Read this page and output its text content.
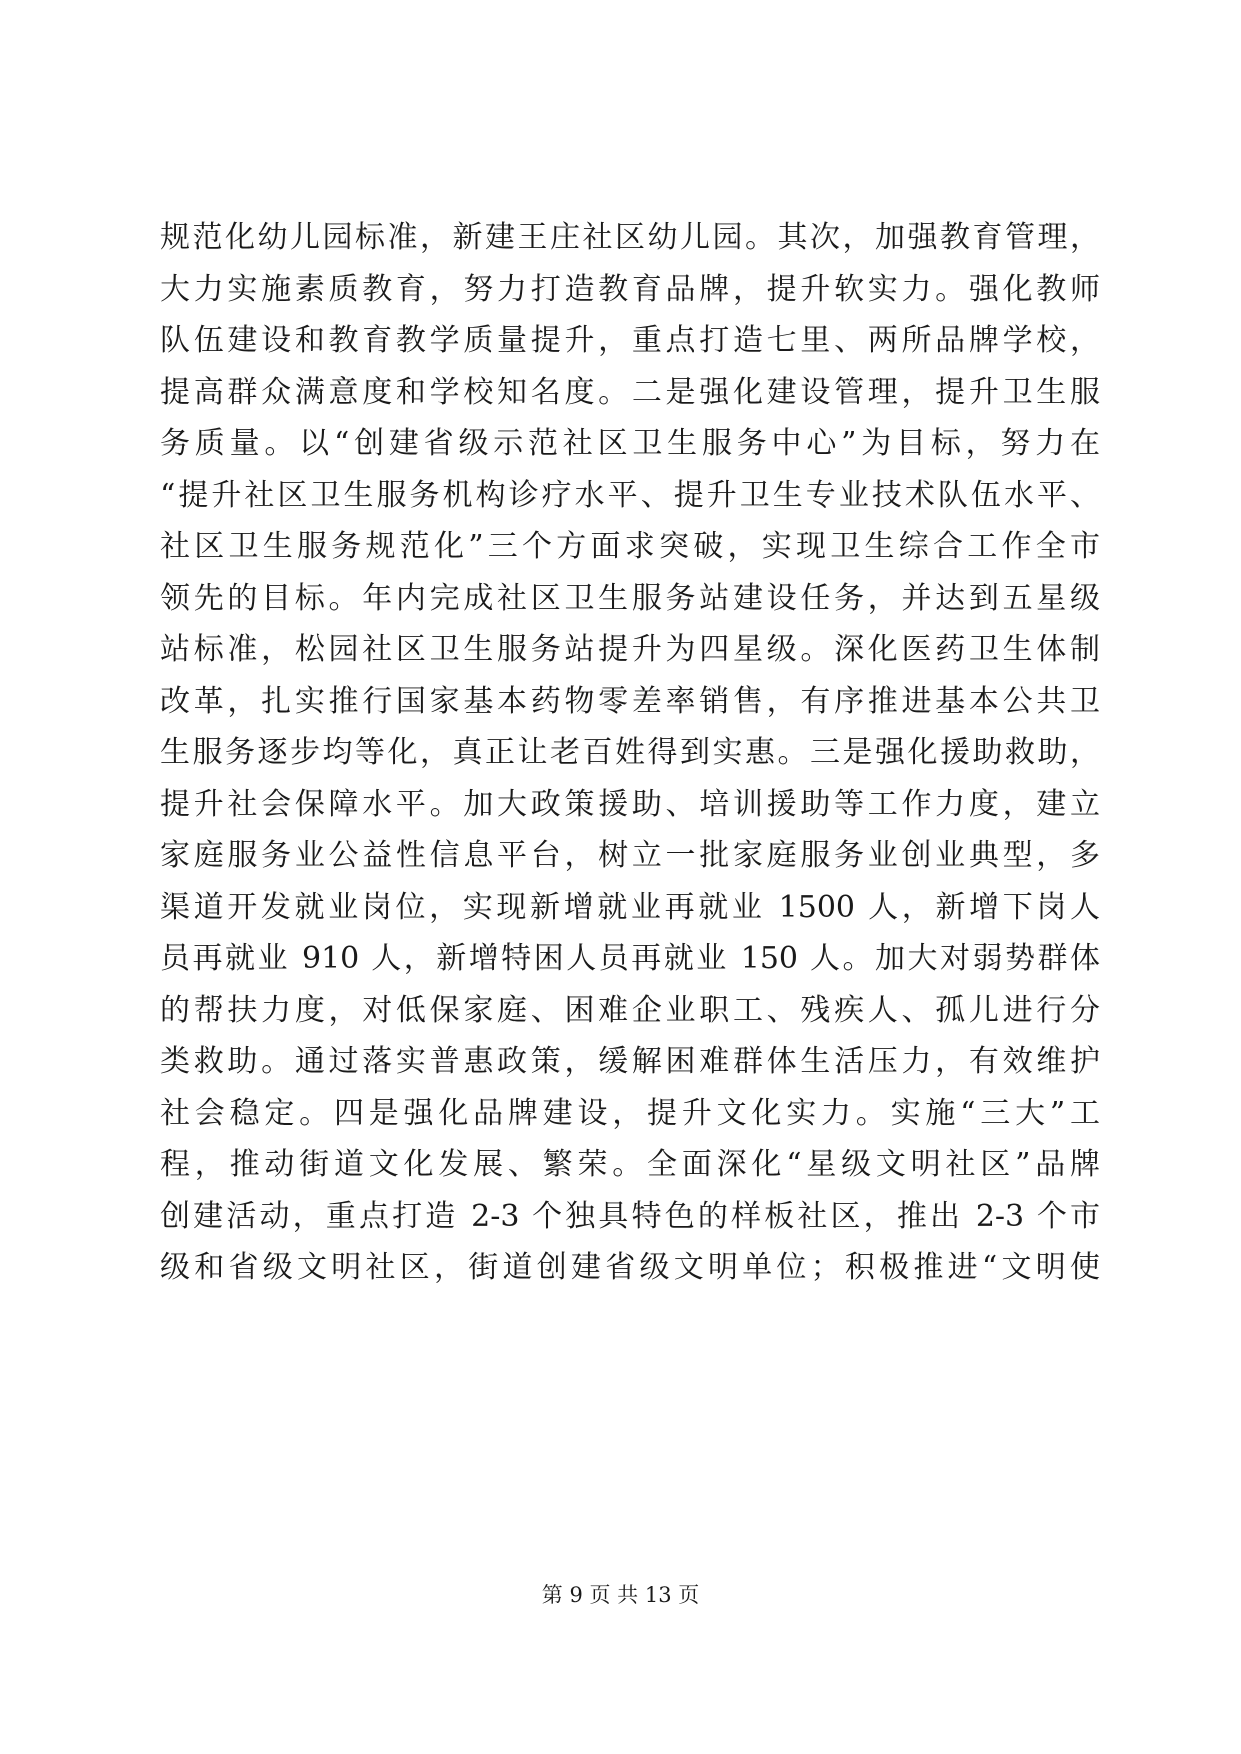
规范化幼儿园标准，新建王庄社区幼儿园。其次，加强教育管理，
大力实施素质教育，努力打造教育品牌，提升软实力。强化教师
队伍建设和教育教学质量提升，重点打造七里、两所品牌学校，
提高群众满意度和学校知名度。二是强化建设管理，提升卫生服
务质量。以“创建省级示范社区卫生服务中心”为目标，努力在
“提升社区卫生服务机构诊疗水平、提升卫生专业技术队伍水平、
社区卫生服务规范化”三个方面求突破，实现卫生综合工作全市
领先的目标。年内完成社区卫生服务站建设任务，并达到五星级
站标准，松园社区卫生服务站提升为四星级。深化医药卫生体制
改革，扎实推行国家基本药物零差率销售，有序推进基本公共卫
生服务逐步均等化，真正让老百姓得到实惠。三是强化援助救助，
提升社会保障水平。加大政策援助、培训援助等工作力度，建立
家庭服务业公益性信息平台，树立一批家庭服务业创业典型，多
渠道开发就业岗位，实现新增就业再就业 1500 人，新增下岗人
员再就业 910 人，新增特困人员再就业 150 人。加大对弱势群体
的帮扶力度，对低保家庭、困难企业职工、残疾人、孤儿进行分
类救助。通过落实普惠政策，缓解困难群体生活压力，有效维护
社会稳定。四是强化品牌建设，提升文化实力。实施“三大”工
程，推动街道文化发展、繁荣。全面深化“星级文明社区”品牌
创建活动，重点打造 2-3 个独具特色的样板社区，推出 2-3 个市
级和省级文明社区，街道创建省级文明单位；积极推进“文明使
第 9 页 共 13 页
